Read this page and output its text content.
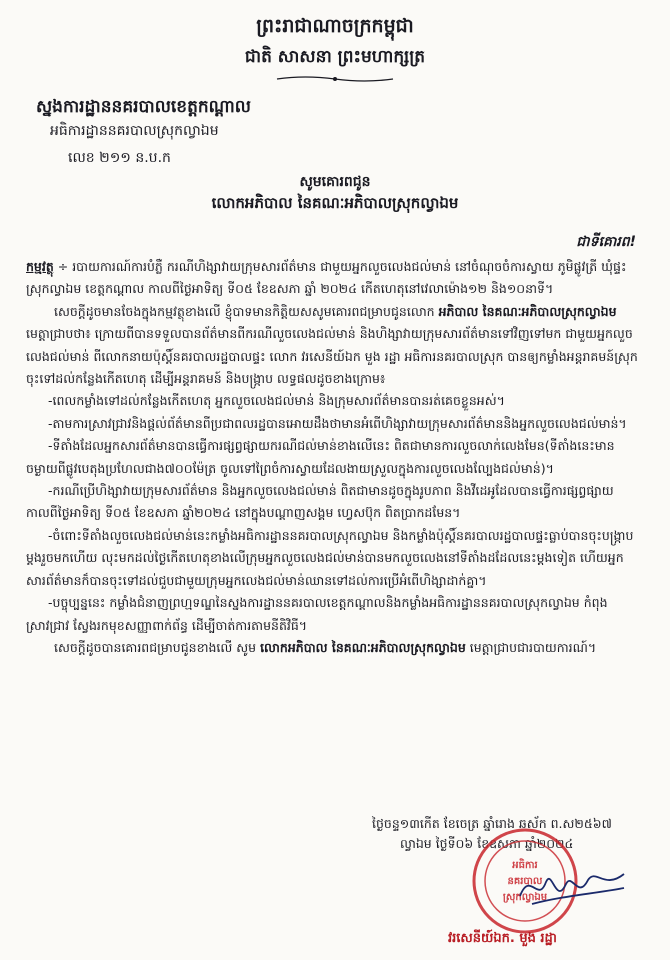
ព្រះរាជាណាចក្រកម្ពុជា
ជាតិ សាសនា ព្រះមហាក្សត្រ
ស្នងការដ្ឋាននគរបាលខេត្តកណ្តាល
អធិការដ្ឋាននគរបាលស្រុកល្វាឯម
លេខ ២១១ ន.ប.ក
សូមគោរពជូន
លោកអភិបាល នៃគណៈអភិបាលស្រុកល្វាឯម
ជាទីគោរព!

កម្មវត្ថុ ÷ របាយការណ៍ការបំភ្លឺ ករណីហិង្សាវាយក្រុមសារព័ត៌មាន ជាមួយអ្នកលួចលេងជល់មាន់ នៅចំណុចចំការស្វាយ ភូមិផ្លូវត្រី ឃុំផ្ទះ ស្រុកល្វាឯម ខេត្តកណ្តាល កាលពីថ្ងៃអាទិត្យ ទី០៥ ខែឧសភា ឆ្នាំ ២០២៤ កើតហេតុនៅវេលាម៉ោង១២ និង១០នាទី។

សេចក្តីដូចមានចែងក្នុងកម្មវត្ថុខាងលើ ខ្ញុំបាទមានកិត្តិយសសូមគោរពជម្រាបជូនលោក អភិបាល នៃគណៈអភិបាលស្រុកល្វាឯម មេត្តាជ្រាបថា៖ ក្រោយពីបានទទួលបានព័ត៌មានពីករណីលួចលេងជល់មាន់ និងហិង្សាវាយក្រុមសារព័ត៌មានទៅវិញទៅមក ជាមួយអ្នកលួចលេងជល់មាន់ ពីលោកនាយប៉ុស្តិ៍នគរបាលរដ្ឋបាលផ្ទះ លោក វរសេនីយ៍ឯក មួង រដ្ឋា អធិការនគរបាលស្រុក បានឲ្យកម្លាំងអន្តរាគមន៍ស្រុក ចុះទៅដល់កន្លែងកើតហេតុ ដើម្បីអន្តរាគមន៍ និងបង្ក្រាប លទ្ធផលដូចខាងក្រោម៖

-ពេលកម្លាំងទៅដល់កន្លែងកើតហេតុ អ្នកលួចលេងជល់មាន់ និងក្រុមសារព័ត៌មានបានរត់គេចខ្លួនអស់។

-តាមការស្រាវជ្រាវនិងផ្តល់ព័ត៌មានពីប្រជាពលរដ្ឋបានអោយដឹងថាមានអំពើហិង្សាវាយក្រុមសារព័ត៌មាននិងអ្នកលួចលេងជល់មាន់។

-ទីតាំងដែលអ្នកសារព័ត៌មានបានធ្វើការផ្សព្វផ្សាយករណីជល់មាន់ខាងលើនេះ ពិតជាមានការលួចលាក់លេងមែន(ទីតាំងនេះមានចម្ងាយពីផ្លូវបេតុងប្រហែលជាង៧០០ម៉ែត្រ ចូលទៅព្រៃចំការស្វាយដែលងាយស្រួលក្នុងការលួចលេងល្បែងជល់មាន់)។

-ករណីប្រើហិង្សាវាយក្រុមសារព័ត៌មាន និងអ្នកលួចលេងជល់មាន់ ពិតជាមានដូចក្នុងរូបភាព និងវីដេអូដែលបានធ្វើការផ្សព្វផ្សាយ កាលពីថ្ងៃអាទិត្យ ទី០៥ ខែឧសភា ឆ្នាំ២០២៤ នៅក្នុងបណ្តាញសង្គម ហ្វេសប៊ុក ពិតប្រាកដមែន។

-ចំពោះទីតាំងលួចលេងជល់មាន់នេះកម្លាំងអធិការដ្ឋាននគរបាលស្រុកល្វាឯម និងកម្លាំងប៉ុស្តិ៍នគរបាលរដ្ឋបាលផ្ទះធ្លាប់បានចុះបង្ក្រាបម្តងរួចមកហើយ លុះមកដល់ថ្ងៃកើតហេតុខាងលើក្រុមអ្នកលួចលេងជល់មាន់បានមកលួចលេងនៅទីតាំងដដែលនេះម្តងទៀត ហើយអ្នកសារព័ត៌មានក៏បានចុះទៅដល់ជួបជាមួយក្រុមអ្នកលេងជល់មាន់ឈានទៅដល់ការប្រើអំពើហិង្សាដាក់គ្នា។

-បច្ចុប្បន្ននេះ កម្លាំងជំនាញព្រហ្មទណ្ឌនៃស្នងការដ្ឋាននគរបាលខេត្តកណ្តាលនិងកម្លាំងអធិការដ្ឋាននគរបាលស្រុកល្វាឯម កំពុងស្រាវជ្រាវ ស្វែងរកមុខសញ្ញាពាក់ព័ន្ធ ដើម្បីចាត់ការតាមនីតិវិធី។

សេចក្តីដូចបានគោរពជម្រាបជូនខាងលើ សូម លោកអភិបាល នៃគណៈអភិបាលស្រុកល្វាឯម មេត្តាជ្រាបជារបាយការណ៍។

ថ្ងៃចន្ទ១៣កើត ខែចេត្រ ឆ្នាំរោង ឆស័ក ព.ស២៥៦៧
ល្វាឯម ថ្ងៃទី០៦ ខែឧសភា ឆ្នាំ២០២៤
អធិការ
នគរបាល
ស្រុកល្វាឯម
វរសេនីយ៍ឯក. មួង រដ្ឋា
